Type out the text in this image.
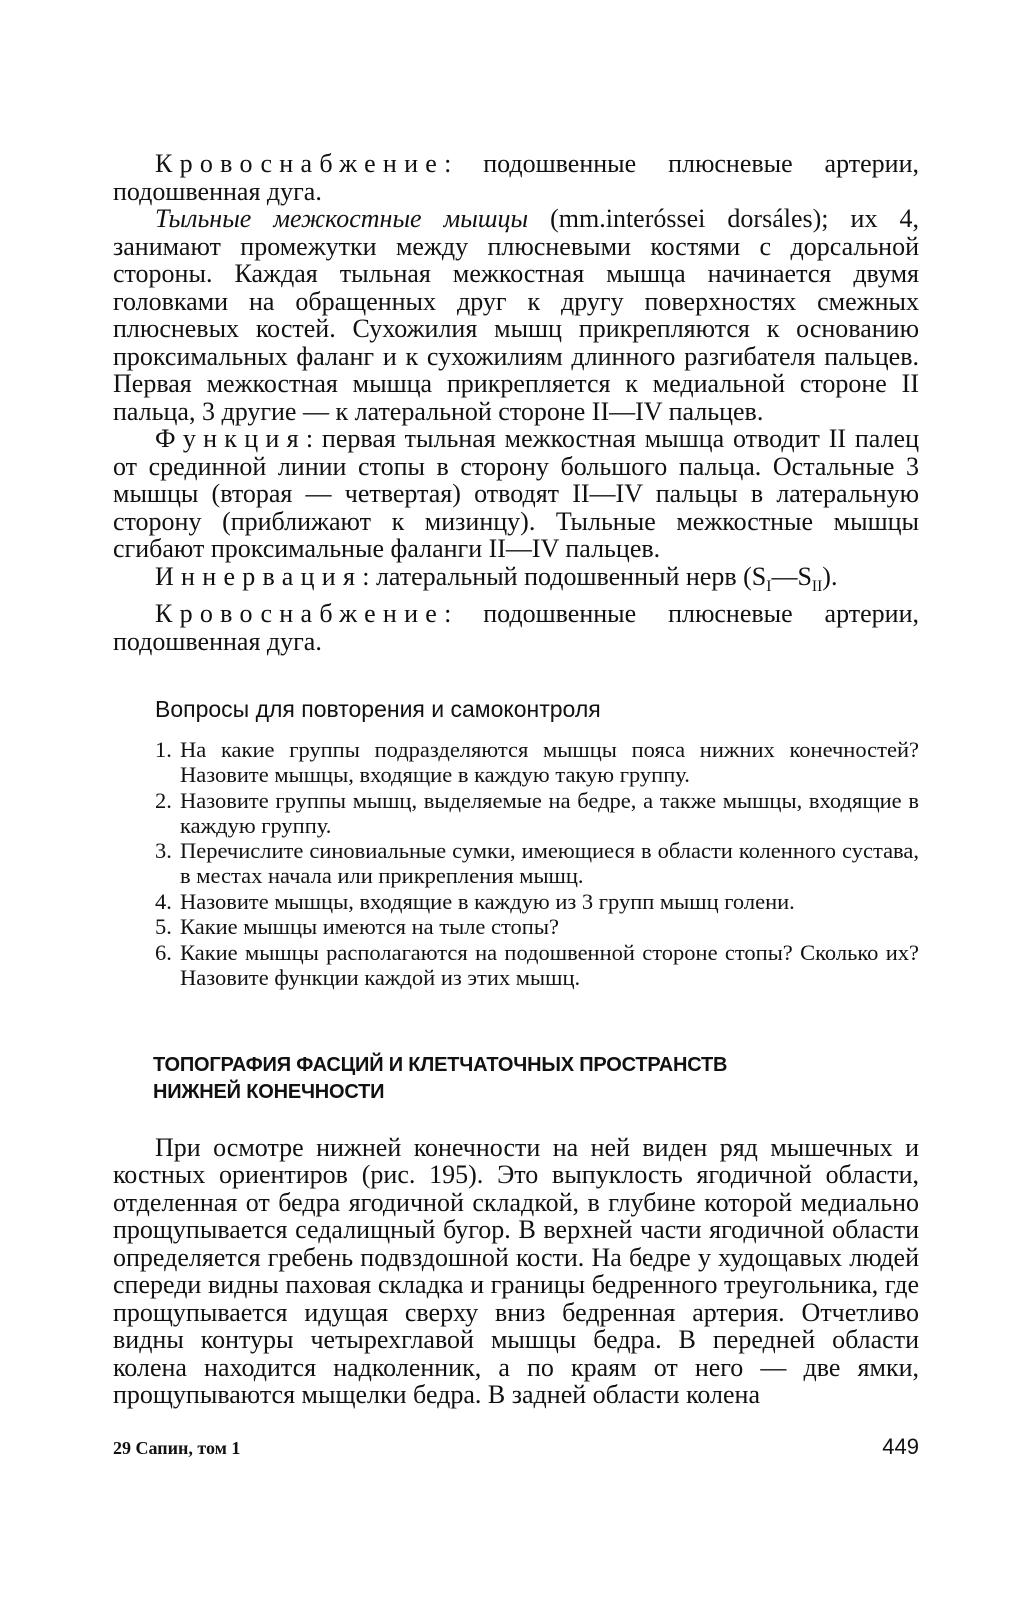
Кровоснабжение: подошвенные плюсневые артерии, подошвенная дуга.

Тыльные межкостные мышцы (mm.interóssei dorsáles); их 4, занимают промежутки между плюсневыми костями с дорсальной стороны. Каждая тыльная межкостная мышца начинается двумя головками на обращенных друг к другу поверхностях смежных плюсневых костей. Сухожилия мышц прикрепляются к основанию проксимальных фаланг и к сухожилиям длинного разгибателя пальцев. Первая межкостная мышца прикрепляется к медиальной стороне II пальца, 3 другие — к латеральной стороне II—IV пальцев.

Функция: первая тыльная межкостная мышца отводит II палец от срединной линии стопы в сторону большого пальца. Остальные 3 мышцы (вторая — четвертая) отводят II—IV пальцы в латеральную сторону (приближают к мизинцу). Тыльные межкостные мышцы сгибают проксимальные фаланги II—IV пальцев.

Иннервация: латеральный подошвенный нерв $(S_I—S_{II})$.

Кровоснабжение: подошвенные плюсневые артерии, подошвенная дуга.

Вопросы для повторения и самоконтроля
1. На какие группы подразделяются мышцы пояса нижних конечностей? Назовите мышцы, входящие в каждую такую группу.
2. Назовите группы мышц, выделяемые на бедре, а также мышцы, входящие в каждую группу.
3. Перечислите синовиальные сумки, имеющиеся в области коленного сустава, в местах начала или прикрепления мышц.
4. Назовите мышцы, входящие в каждую из 3 групп мышц голени.
5. Какие мышцы имеются на тыле стопы?
6. Какие мышцы располагаются на подошвенной стороне стопы? Сколько их? Назовите функции каждой из этих мышц.
ТОПОГРАФИЯ ФАСЦИЙ И КЛЕТЧАТОЧНЫХ ПРОСТРАНСТВ
НИЖНЕЙ КОНЕЧНОСТИ

При осмотре нижней конечности на ней виден ряд мышечных и костных ориентиров (рис. 195). Это выпуклость ягодичной области, отделенная от бедра ягодичной складкой, в глубине которой медиально прощупывается седалищный бугор. В верхней части ягодичной области определяется гребень подвздошной кости. На бедре у худощавых людей спереди видны паховая складка и границы бедренного треугольника, где прощупывается идущая сверху вниз бедренная артерия. Отчетливо видны контуры четырехглавой мышцы бедра. В передней области колена находится надколенник, а по краям от него — две ямки, прощупываются мыщелки бедра. В задней области колена

29 Сапин, том 1	449
